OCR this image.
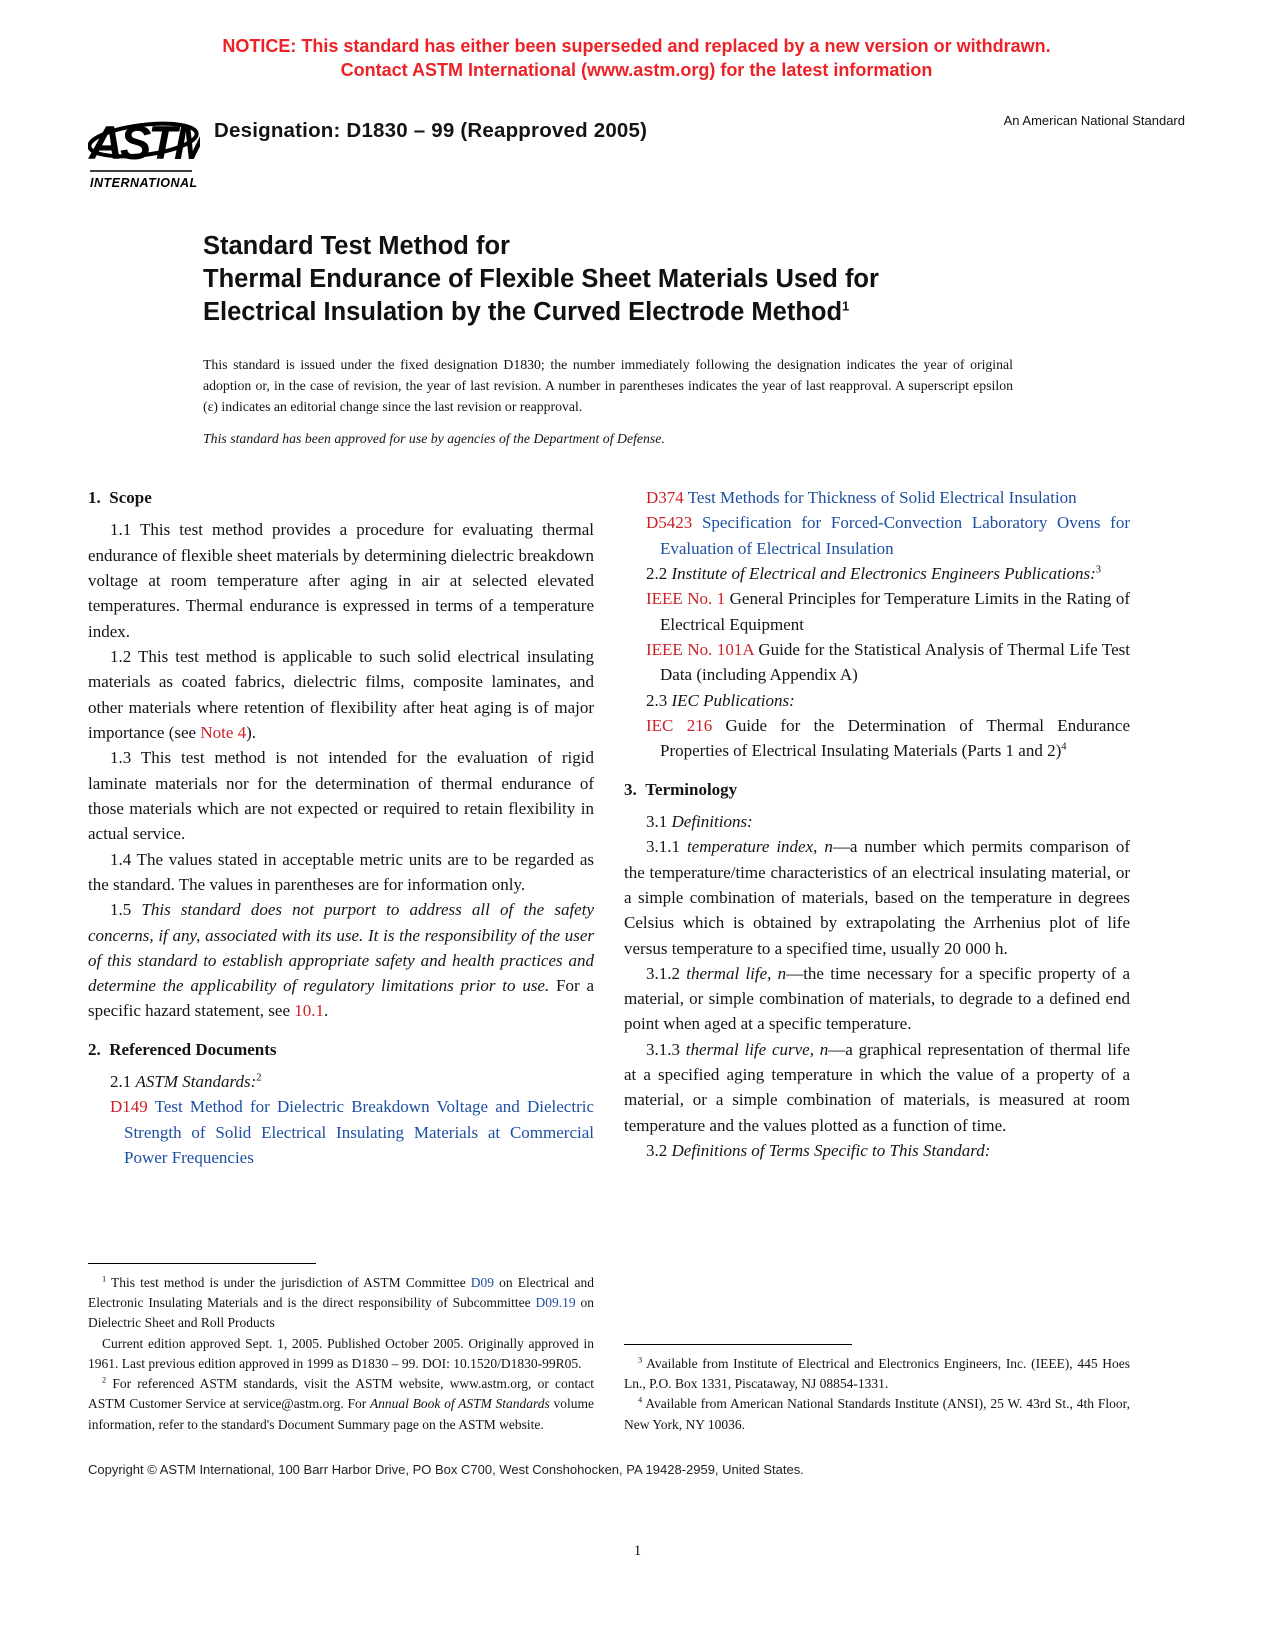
NOTICE: This standard has either been superseded and replaced by a new version or withdrawn.
Contact ASTM International (www.astm.org) for the latest information
ASTM
INTERNATIONAL
Designation: D1830 – 99 (Reapproved 2005)	An American National Standard
Standard Test Method for
Thermal Endurance of Flexible Sheet Materials Used for
Electrical Insulation by the Curved Electrode Method$^1$
This standard is issued under the fixed designation D1830; the number immediately following the designation indicates the year of original adoption or, in the case of revision, the year of last revision. A number in parentheses indicates the year of last reapproval. A superscript epsilon (ε) indicates an editorial change since the last revision or reapproval.
This standard has been approved for use by agencies of the Department of Defense.
1. Scope

1.1 This test method provides a procedure for evaluating thermal endurance of flexible sheet materials by determining dielectric breakdown voltage at room temperature after aging in air at selected elevated temperatures. Thermal endurance is expressed in terms of a temperature index.

1.2 This test method is applicable to such solid electrical insulating materials as coated fabrics, dielectric films, composite laminates, and other materials where retention of flexibility after heat aging is of major importance (see Note 4).

1.3 This test method is not intended for the evaluation of rigid laminate materials nor for the determination of thermal endurance of those materials which are not expected or required to retain flexibility in actual service.

1.4 The values stated in acceptable metric units are to be regarded as the standard. The values in parentheses are for information only.

1.5 This standard does not purport to address all of the safety concerns, if any, associated with its use. It is the responsibility of the user of this standard to establish appropriate safety and health practices and determine the applicability of regulatory limitations prior to use. For a specific hazard statement, see 10.1.

2. Referenced Documents

2.1 ASTM Standards:$^2$

D149 Test Method for Dielectric Breakdown Voltage and Dielectric Strength of Solid Electrical Insulating Materials at Commercial Power Frequencies

$^1$ This test method is under the jurisdiction of ASTM Committee D09 on Electrical and Electronic Insulating Materials and is the direct responsibility of Subcommittee D09.19 on Dielectric Sheet and Roll Products

Current edition approved Sept. 1, 2005. Published October 2005. Originally approved in 1961. Last previous edition approved in 1999 as D1830 – 99. DOI: 10.1520/D1830-99R05.

$^2$ For referenced ASTM standards, visit the ASTM website, www.astm.org, or contact ASTM Customer Service at service@astm.org. For Annual Book of ASTM Standards volume information, refer to the standard's Document Summary page on the ASTM website.

D374 Test Methods for Thickness of Solid Electrical Insulation

D5423 Specification for Forced-Convection Laboratory Ovens for Evaluation of Electrical Insulation

2.2 Institute of Electrical and Electronics Engineers Publications:$^3$

IEEE No. 1 General Principles for Temperature Limits in the Rating of Electrical Equipment

IEEE No. 101A Guide for the Statistical Analysis of Thermal Life Test Data (including Appendix A)

2.3 IEC Publications:

IEC 216 Guide for the Determination of Thermal Endurance Properties of Electrical Insulating Materials (Parts 1 and 2)$^4$

3. Terminology

3.1 Definitions:

3.1.1 temperature index, n—a number which permits comparison of the temperature/time characteristics of an electrical insulating material, or a simple combination of materials, based on the temperature in degrees Celsius which is obtained by extrapolating the Arrhenius plot of life versus temperature to a specified time, usually 20 000 h.

3.1.2 thermal life, n—the time necessary for a specific property of a material, or simple combination of materials, to degrade to a defined end point when aged at a specific temperature.

3.1.3 thermal life curve, n—a graphical representation of thermal life at a specified aging temperature in which the value of a property of a material, or a simple combination of materials, is measured at room temperature and the values plotted as a function of time.

3.2 Definitions of Terms Specific to This Standard:

$^3$ Available from Institute of Electrical and Electronics Engineers, Inc. (IEEE), 445 Hoes Ln., P.O. Box 1331, Piscataway, NJ 08854-1331.

$^4$ Available from American National Standards Institute (ANSI), 25 W. 43rd St., 4th Floor, New York, NY 10036.

Copyright © ASTM International, 100 Barr Harbor Drive, PO Box C700, West Conshohocken, PA 19428-2959, United States.
1
